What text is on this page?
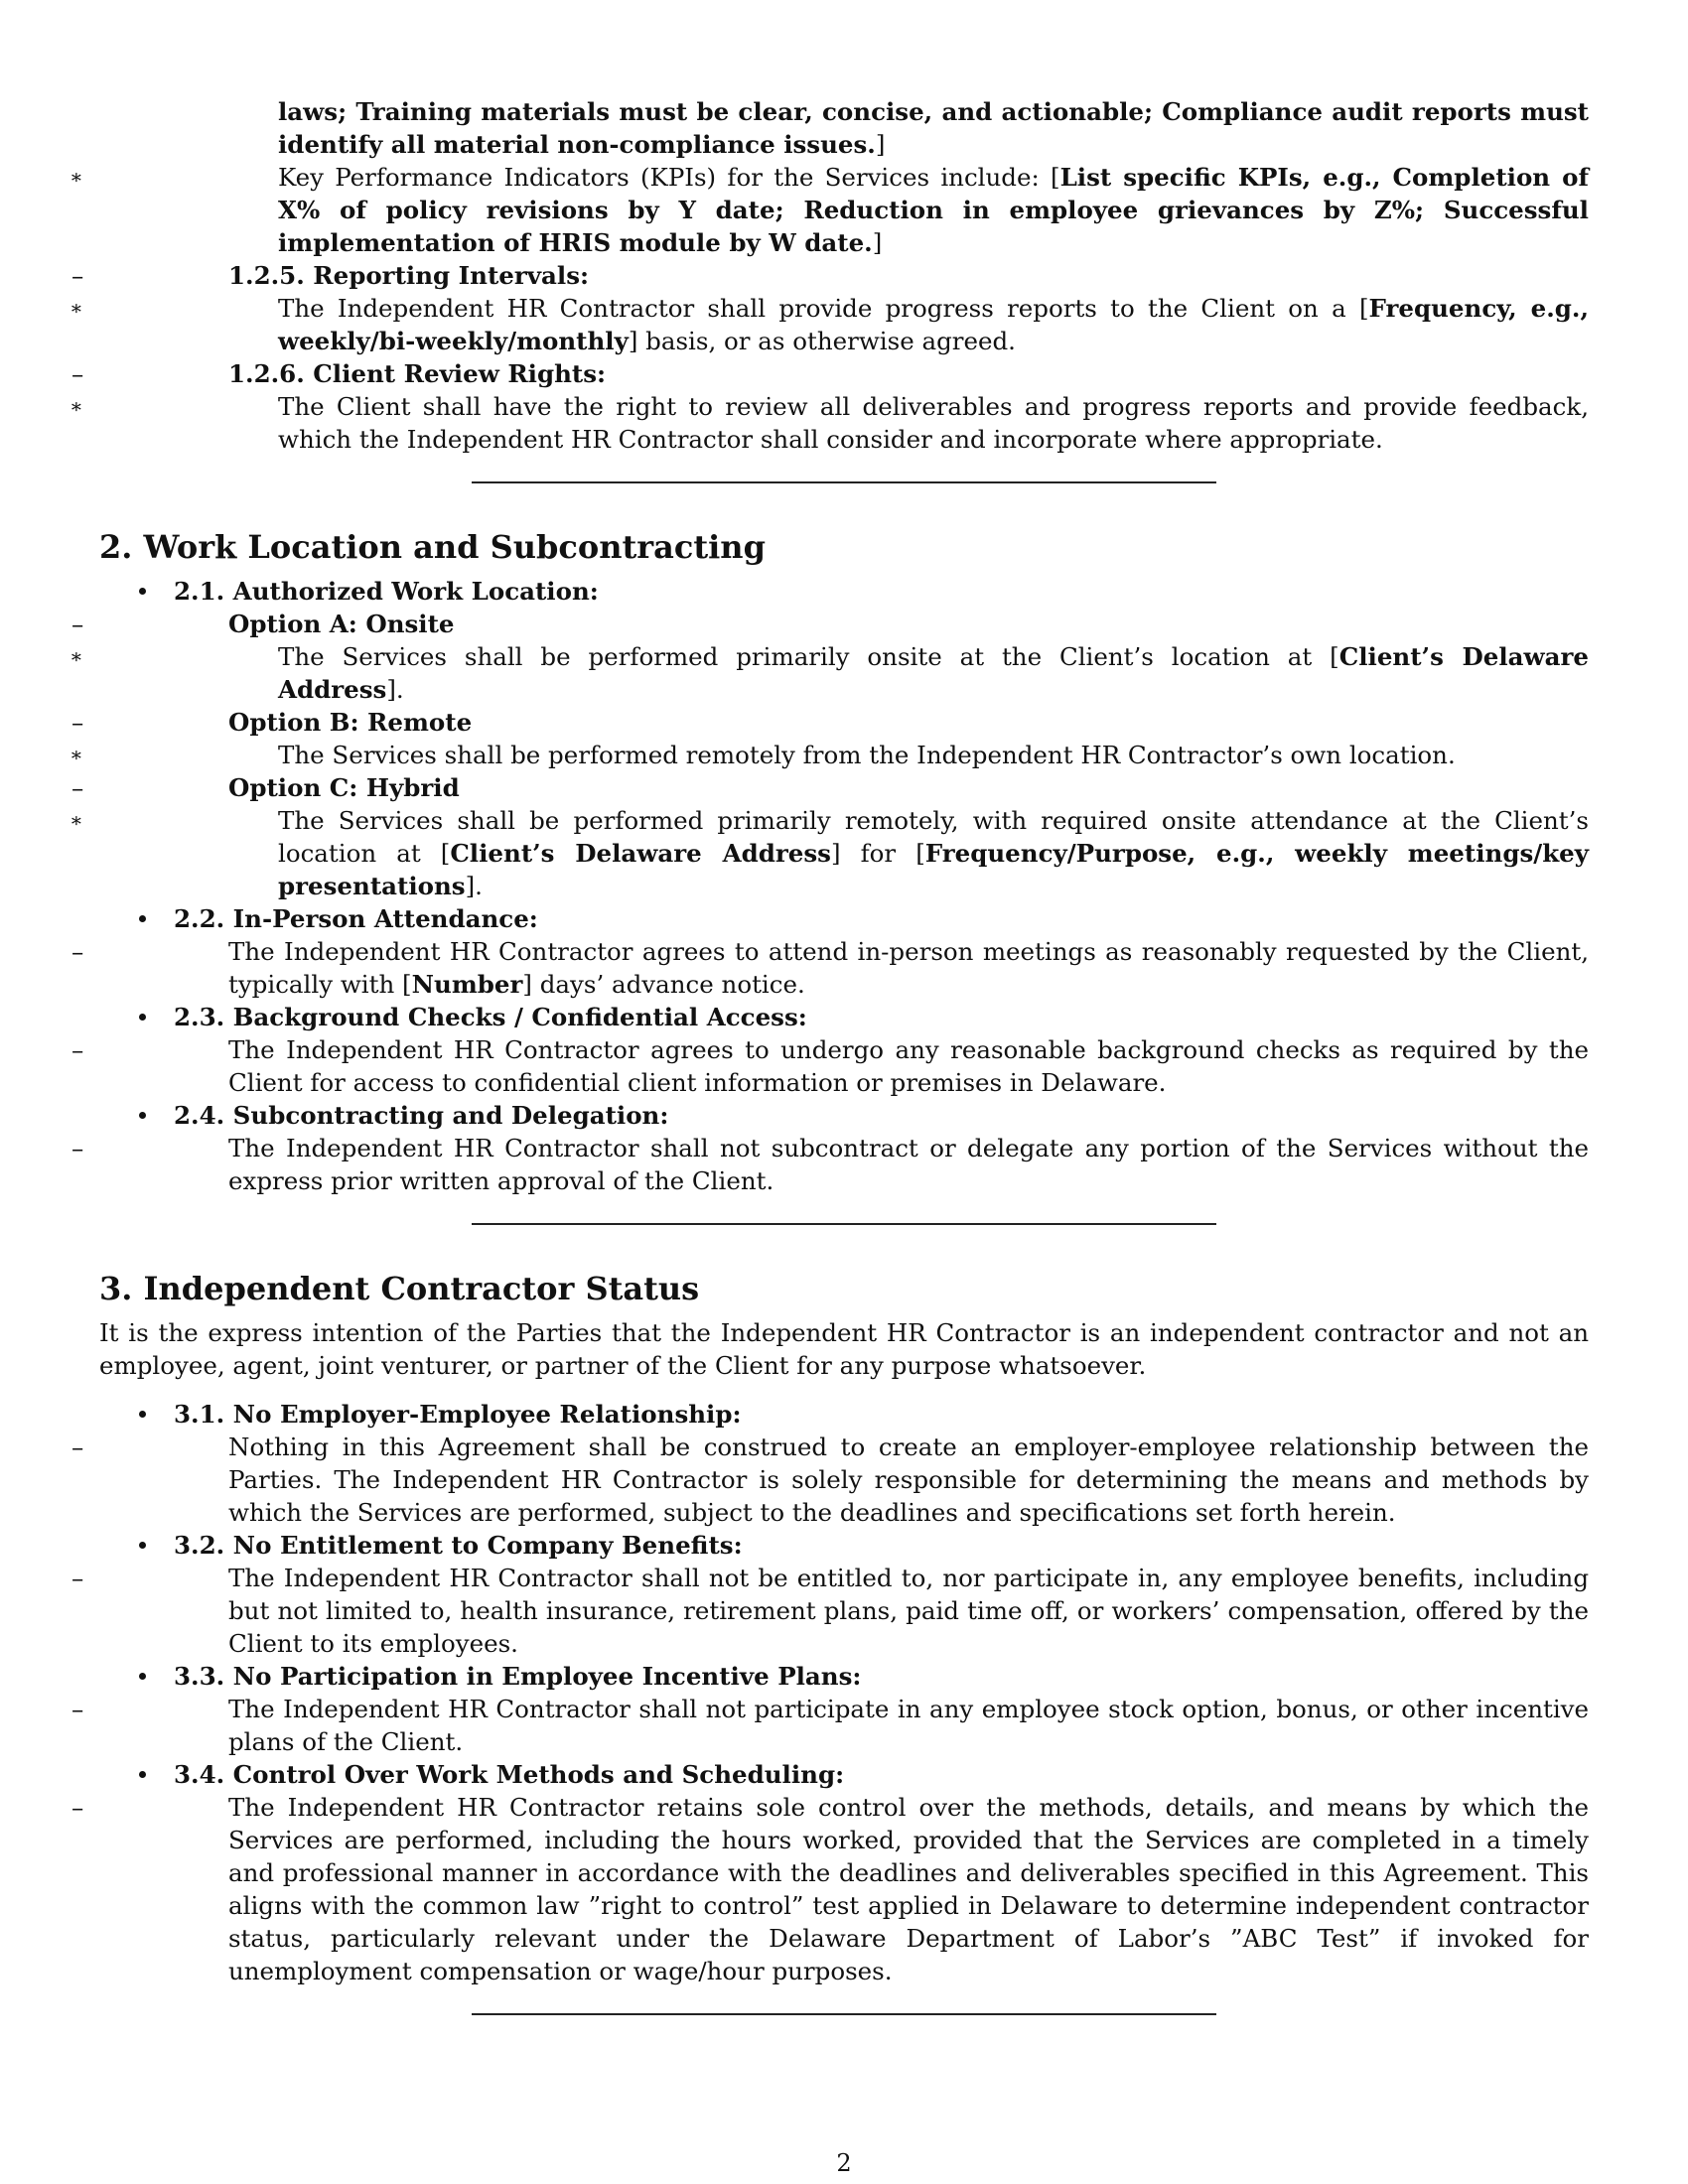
laws; Training materials must be clear, concise, and actionable; Compliance audit reports must identify all material non-compliance issues.]
∗	Key Performance Indicators (KPIs) for the Services include: [List specific KPIs, e.g., Completion of X% of policy revisions by Y date; Reduction in employee grievances by Z%; Successful implementation of HRIS module by W date.]
–	1.2.5. Reporting Intervals:
∗	The Independent HR Contractor shall provide progress reports to the Client on a [Frequency, e.g., weekly/bi-weekly/monthly] basis, or as otherwise agreed.
–	1.2.6. Client Review Rights:
∗	The Client shall have the right to review all deliverables and progress reports and provide feedback, which the Independent HR Contractor shall consider and incorporate where appropriate.
2. Work Location and Subcontracting
2.1. Authorized Work Location:
–	Option A: Onsite
∗	The Services shall be performed primarily onsite at the Client’s location at [Client’s Delaware Address].
–	Option B: Remote
∗	The Services shall be performed remotely from the Independent HR Contractor’s own location.
–	Option C: Hybrid
∗	The Services shall be performed primarily remotely, with required onsite attendance at the Client’s location at [Client’s Delaware Address] for [Frequency/Purpose, e.g., weekly meetings/key presentations].
2.2. In-Person Attendance:
–	The Independent HR Contractor agrees to attend in-person meetings as reasonably requested by the Client, typically with [Number] days’ advance notice.
2.3. Background Checks / Confidential Access:
–	The Independent HR Contractor agrees to undergo any reasonable background checks as required by the Client for access to confidential client information or premises in Delaware.
2.4. Subcontracting and Delegation:
–	The Independent HR Contractor shall not subcontract or delegate any portion of the Services without the express prior written approval of the Client.
3. Independent Contractor Status
It is the express intention of the Parties that the Independent HR Contractor is an independent contractor and not an employee, agent, joint venturer, or partner of the Client for any purpose whatsoever.
3.1. No Employer-Employee Relationship:
–	Nothing in this Agreement shall be construed to create an employer-employee relationship between the Parties. The Independent HR Contractor is solely responsible for determining the means and methods by which the Services are performed, subject to the deadlines and specifications set forth herein.
3.2. No Entitlement to Company Benefits:
–	The Independent HR Contractor shall not be entitled to, nor participate in, any employee benefits, including but not limited to, health insurance, retirement plans, paid time off, or workers’ compensation, offered by the Client to its employees.
3.3. No Participation in Employee Incentive Plans:
–	The Independent HR Contractor shall not participate in any employee stock option, bonus, or other incentive plans of the Client.
3.4. Control Over Work Methods and Scheduling:
–	The Independent HR Contractor retains sole control over the methods, details, and means by which the Services are performed, including the hours worked, provided that the Services are completed in a timely and professional manner in accordance with the deadlines and deliverables specified in this Agreement. This aligns with the common law ”right to control” test applied in Delaware to determine independent contractor status, particularly relevant under the Delaware Department of Labor’s ”ABC Test” if invoked for unemployment compensation or wage/hour purposes.
2
